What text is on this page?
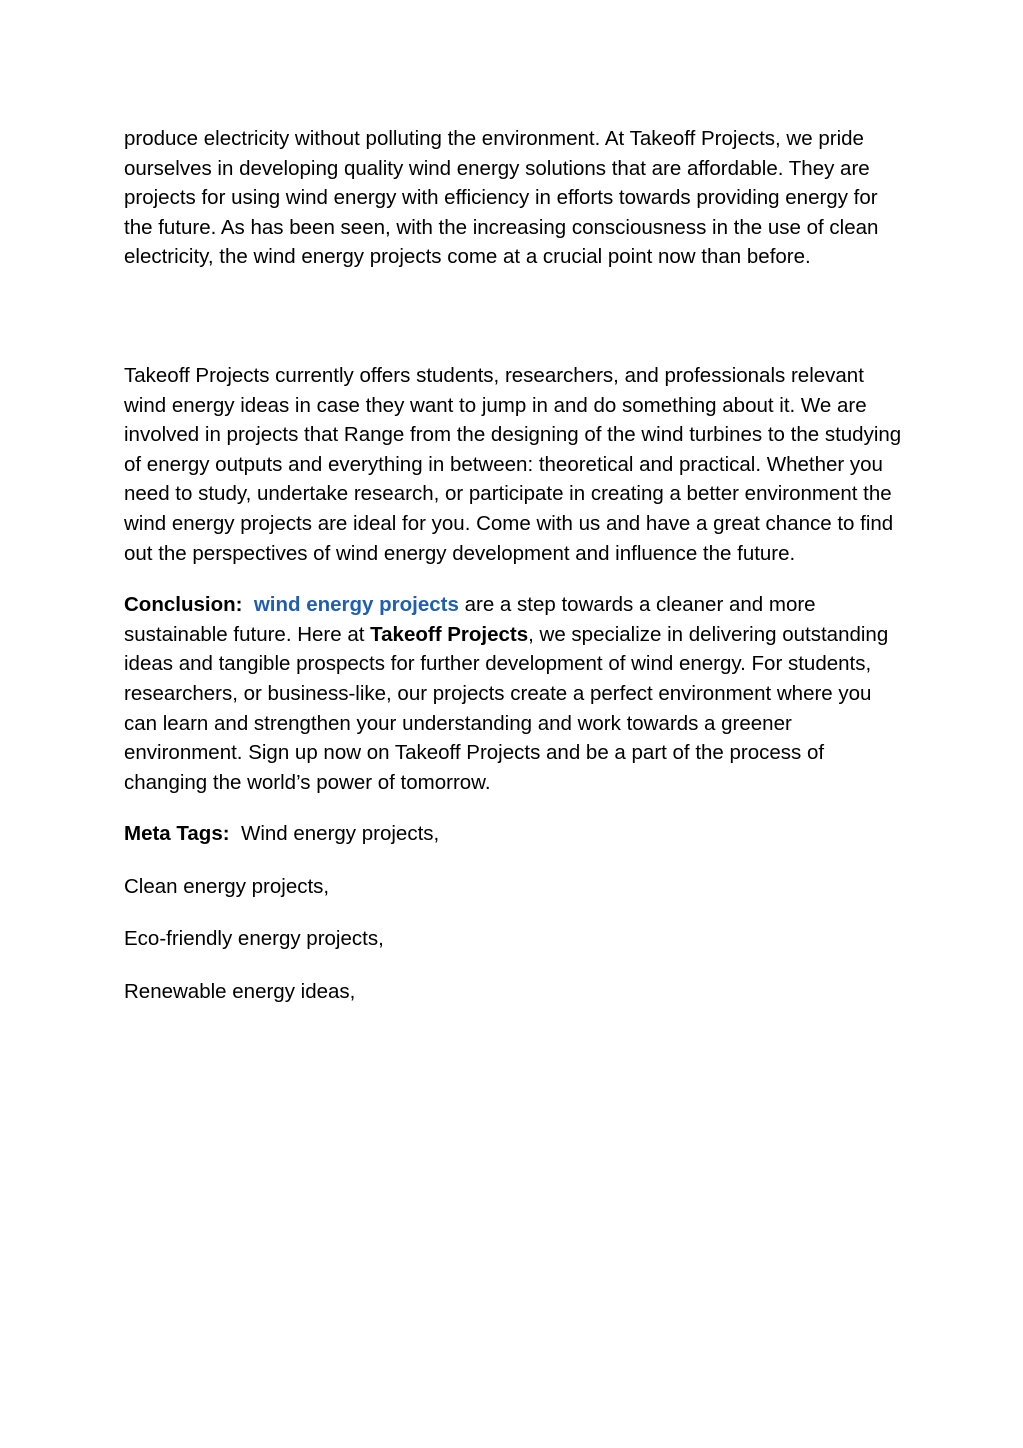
produce electricity without polluting the environment. At Takeoff Projects, we pride ourselves in developing quality wind energy solutions that are affordable. They are projects for using wind energy with efficiency in efforts towards providing energy for the future. As has been seen, with the increasing consciousness in the use of clean electricity, the wind energy projects come at a crucial point now than before.

Takeoff Projects currently offers students, researchers, and professionals relevant wind energy ideas in case they want to jump in and do something about it. We are involved in projects that Range from the designing of the wind turbines to the studying of energy outputs and everything in between: theoretical and practical. Whether you need to study, undertake research, or participate in creating a better environment the wind energy projects are ideal for you. Come with us and have a great chance to find out the perspectives of wind energy development and influence the future.

Conclusion: wind energy projects are a step towards a cleaner and more sustainable future. Here at Takeoff Projects, we specialize in delivering outstanding ideas and tangible prospects for further development of wind energy. For students, researchers, or business-like, our projects create a perfect environment where you can learn and strengthen your understanding and work towards a greener environment. Sign up now on Takeoff Projects and be a part of the process of changing the world’s power of tomorrow.

Meta Tags: Wind energy projects,

Clean energy projects,

Eco-friendly energy projects,

Renewable energy ideas,
